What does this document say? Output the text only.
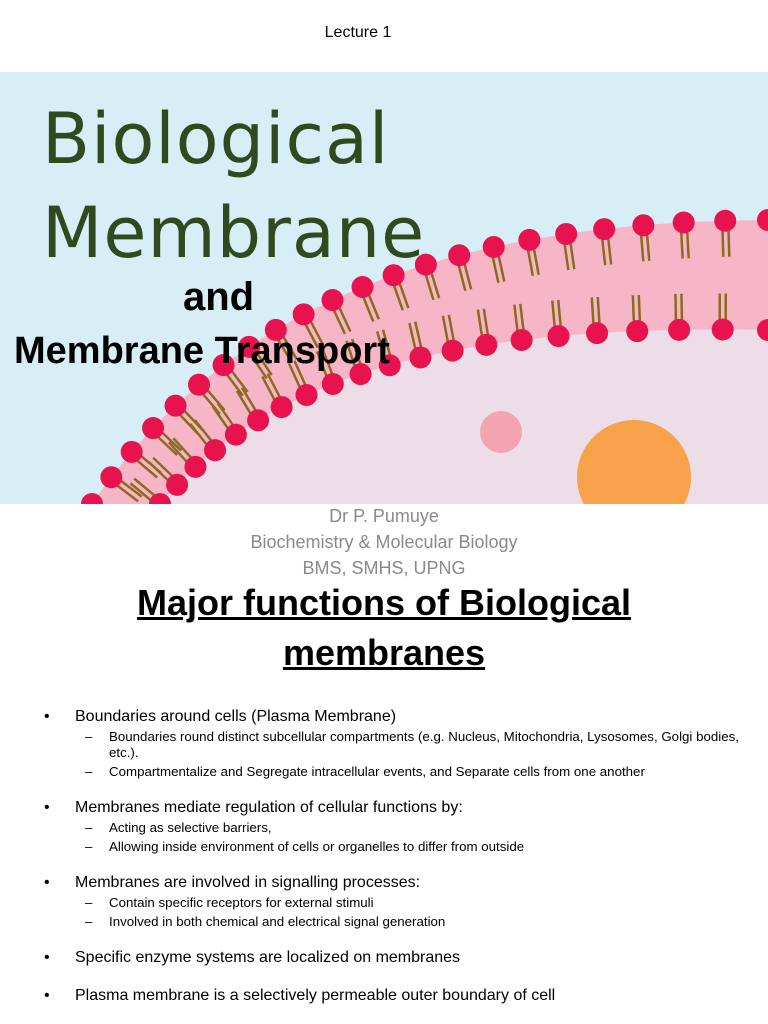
Lecture 1
Biological
Membrane
and
Membrane Transport
Dr P. Pumuye
Biochemistry & Molecular Biology
BMS, SMHS, UPNG
Major functions of Biological
membranes
• Boundaries around cells (Plasma Membrane)
– Boundaries round distinct subcellular compartments (e.g. Nucleus, Mitochondria, Lysosomes, Golgi bodies, etc.).
– Compartmentalize and Segregate intracellular events, and Separate cells from one another
• Membranes mediate regulation of cellular functions by:
– Acting as selective barriers,
– Allowing inside environment of cells or organelles to differ from outside
• Membranes are involved in signalling processes:
– Contain specific receptors for external stimuli
– Involved in both chemical and electrical signal generation
• Specific enzyme systems are localized on membranes
• Plasma membrane is a selectively permeable outer boundary of cell
